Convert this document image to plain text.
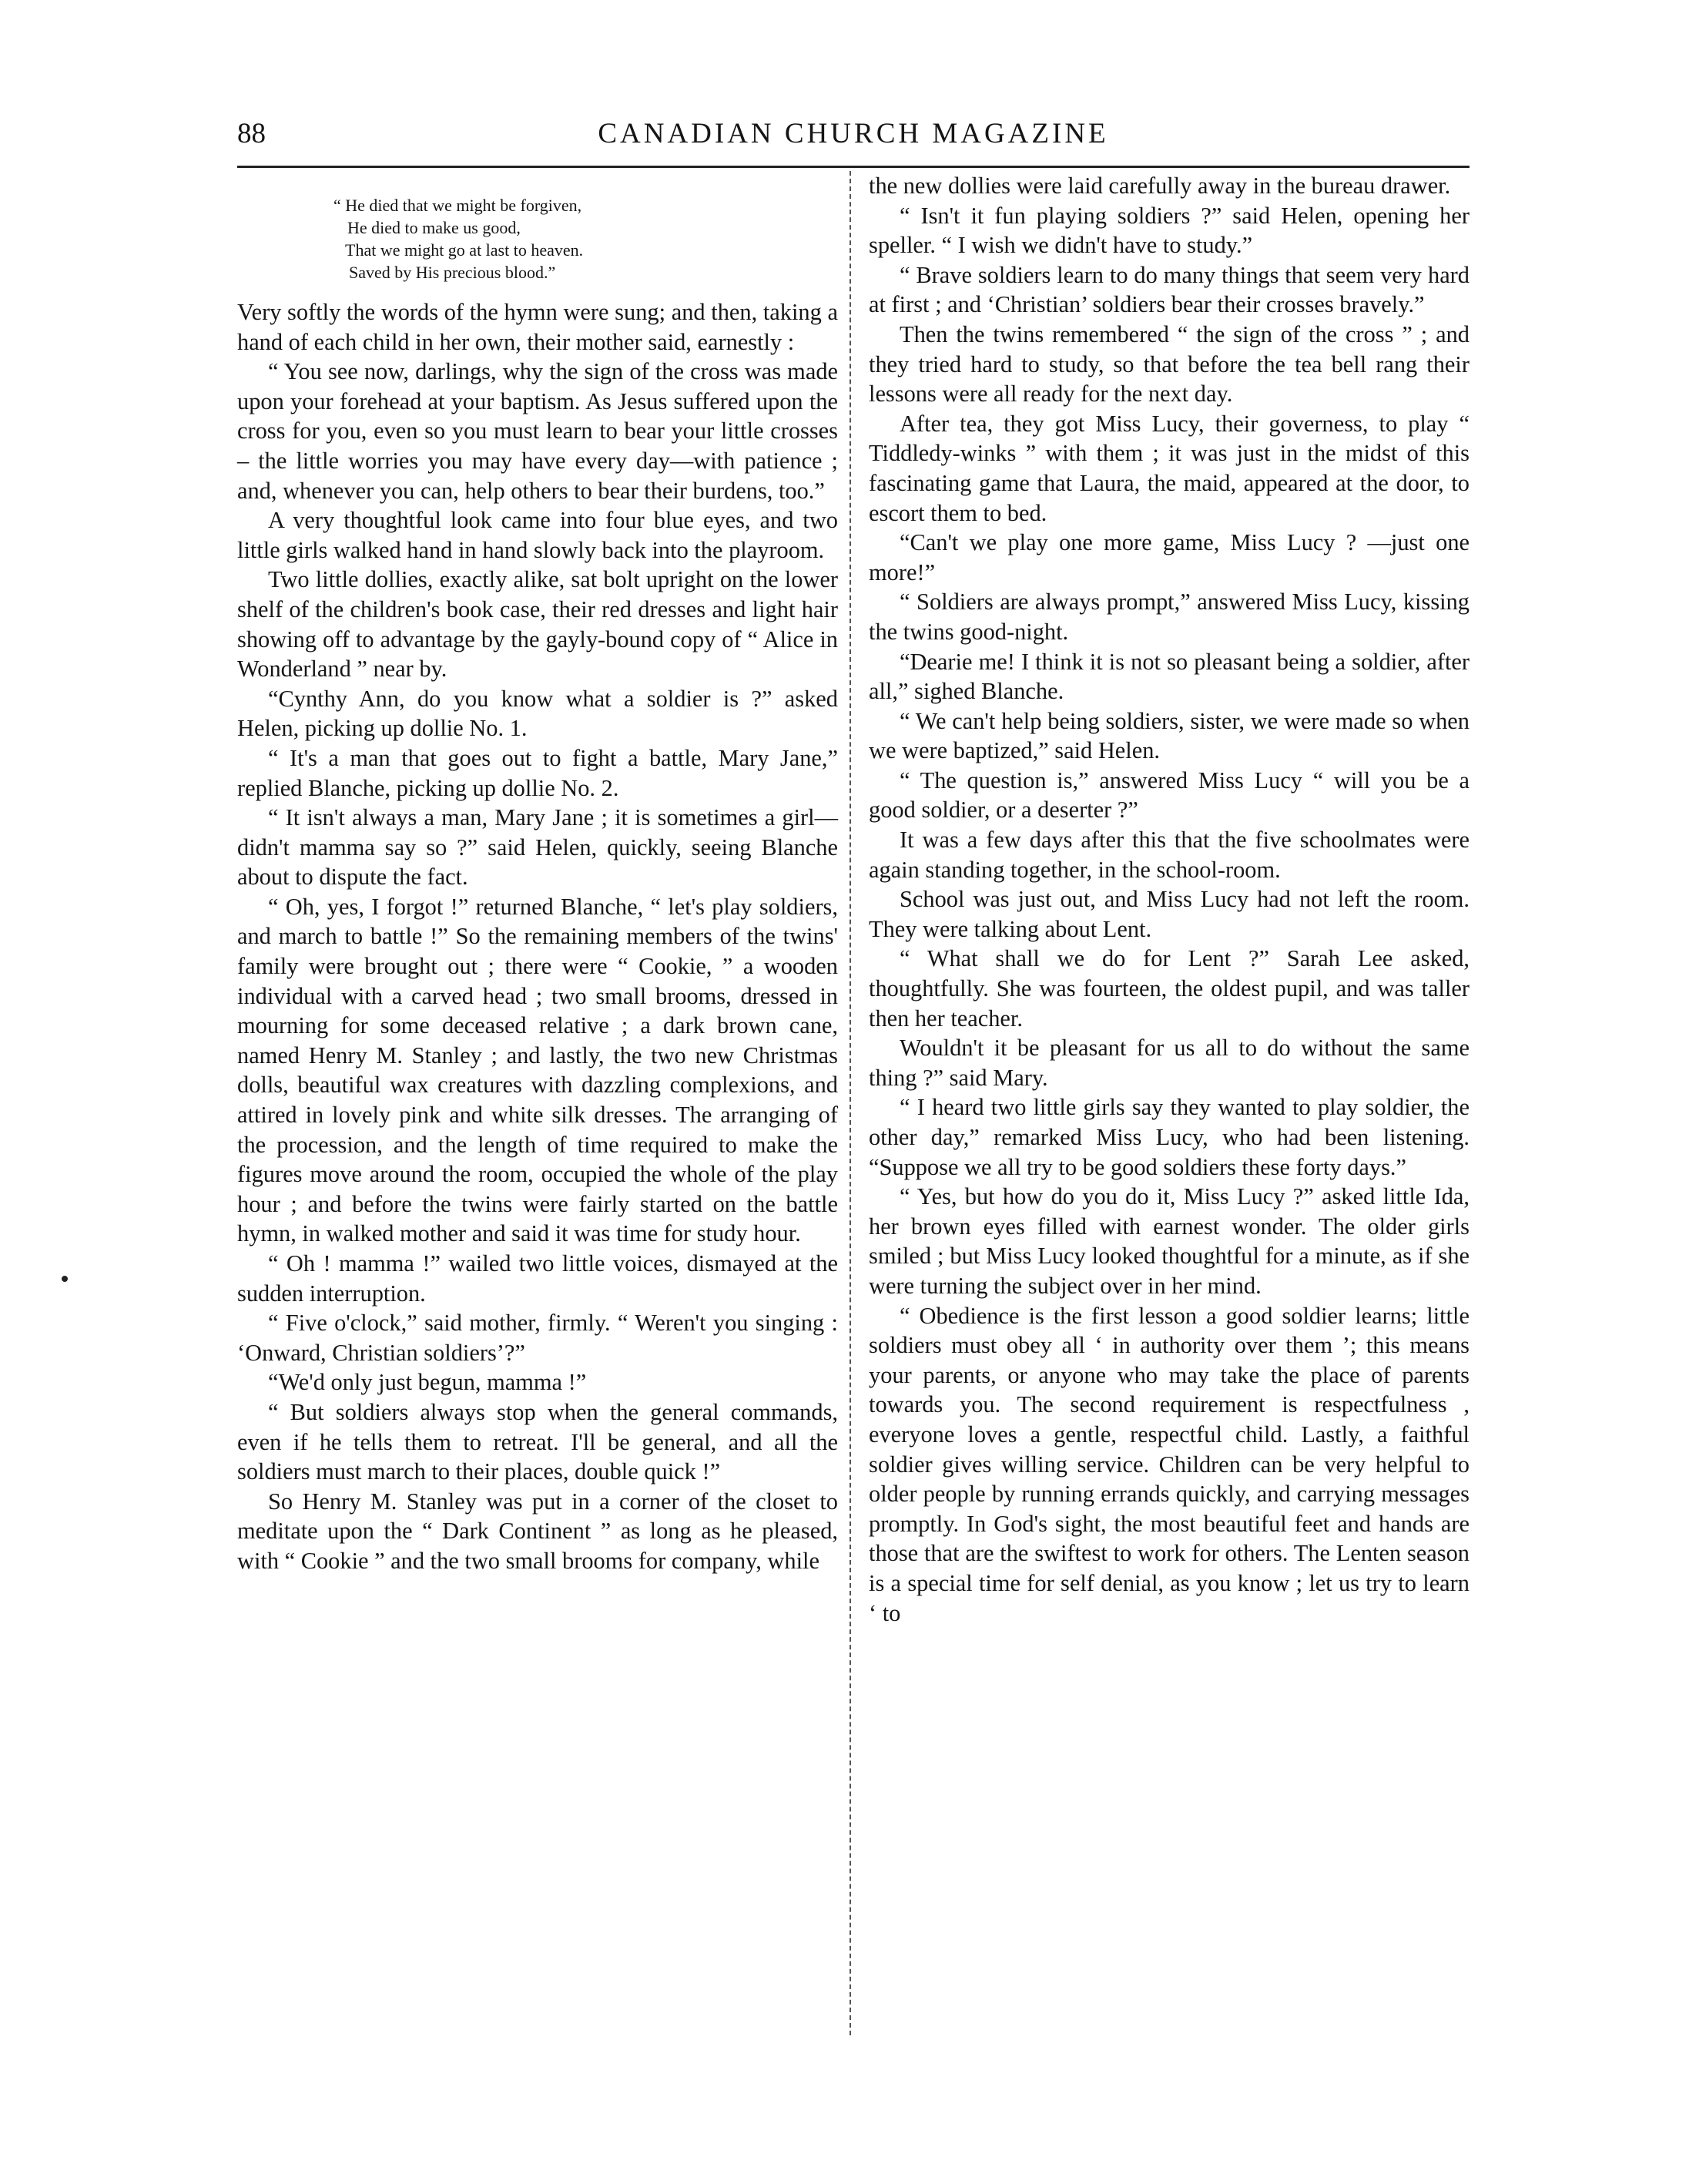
88	CANADIAN CHURCH MAGAZINE
“ He died that we might be forgiven,
He died to make us good,
That we might go at last to heaven.
Saved by His precious blood.”

Very softly the words of the hymn were sung; and then, taking a hand of each child in her own, their mother said, earnestly :

“ You see now, darlings, why the sign of the cross was made upon your forehead at your baptism. As Jesus suffered upon the cross for you, even so you must learn to bear your little crosses – the little worries you may have every day—with patience ; and, whenever you can, help others to bear their burdens, too.”

A very thoughtful look came into four blue eyes, and two little girls walked hand in hand slowly back into the playroom.

Two little dollies, exactly alike, sat bolt upright on the lower shelf of the children's book case, their red dresses and light hair showing off to advantage by the gayly-bound copy of “ Alice in Wonderland ” near by.

“Cynthy Ann, do you know what a soldier is ?” asked Helen, picking up dollie No. 1.

“ It's a man that goes out to fight a battle, Mary Jane,” replied Blanche, picking up dollie No. 2.

“ It isn't always a man, Mary Jane ; it is sometimes a girl—didn't mamma say so ?” said Helen, quickly, seeing Blanche about to dispute the fact.

“ Oh, yes, I forgot !” returned Blanche, “ let's play soldiers, and march to battle !” So the remaining members of the twins' family were brought out ; there were “ Cookie, ” a wooden individual with a carved head ; two small brooms, dressed in mourning for some deceased relative ; a dark brown cane, named Henry M. Stanley ; and lastly, the two new Christmas dolls, beautiful wax creatures with dazzling complexions, and attired in lovely pink and white silk dresses. The arranging of the procession, and the length of time required to make the figures move around the room, occupied the whole of the play hour ; and before the twins were fairly started on the battle hymn, in walked mother and said it was time for study hour.

“ Oh ! mamma !” wailed two little voices, dismayed at the sudden interruption.

“ Five o'clock,” said mother, firmly. “ Weren't you singing : ‘Onward, Christian soldiers’?”

“We'd only just begun, mamma !”

“ But soldiers always stop when the general commands, even if he tells them to retreat. I'll be general, and all the soldiers must march to their places, double quick !”

So Henry M. Stanley was put in a corner of the closet to meditate upon the “ Dark Continent ” as long as he pleased, with “ Cookie ” and the two small brooms for company, while

the new dollies were laid carefully away in the bureau drawer.

“ Isn't it fun playing soldiers ?” said Helen, opening her speller. “ I wish we didn't have to study.”

“ Brave soldiers learn to do many things that seem very hard at first ; and ‘Christian’ soldiers bear their crosses bravely.”

Then the twins remembered “ the sign of the cross ” ; and they tried hard to study, so that before the tea bell rang their lessons were all ready for the next day.

After tea, they got Miss Lucy, their governess, to play “ Tiddledy-winks ” with them ; it was just in the midst of this fascinating game that Laura, the maid, appeared at the door, to escort them to bed.

“Can't we play one more game, Miss Lucy ? —just one more!”

“ Soldiers are always prompt,” answered Miss Lucy, kissing the twins good-night.

“Dearie me! I think it is not so pleasant being a soldier, after all,” sighed Blanche.

“ We can't help being soldiers, sister, we were made so when we were baptized,” said Helen.

“ The question is,” answered Miss Lucy “ will you be a good soldier, or a deserter ?”

It was a few days after this that the five schoolmates were again standing together, in the school-room.

School was just out, and Miss Lucy had not left the room. They were talking about Lent.

“ What shall we do for Lent ?” Sarah Lee asked, thoughtfully. She was fourteen, the oldest pupil, and was taller then her teacher.

Wouldn't it be pleasant for us all to do without the same thing ?” said Mary.

“ I heard two little girls say they wanted to play soldier, the other day,” remarked Miss Lucy, who had been listening. “Suppose we all try to be good soldiers these forty days.”

“ Yes, but how do you do it, Miss Lucy ?” asked little Ida, her brown eyes filled with earnest wonder. The older girls smiled ; but Miss Lucy looked thoughtful for a minute, as if she were turning the subject over in her mind.

“ Obedience is the first lesson a good soldier learns; little soldiers must obey all ‘ in authority over them ’; this means your parents, or anyone who may take the place of parents towards you. The second requirement is respectfulness , everyone loves a gentle, respectful child. Lastly, a faithful soldier gives willing service. Children can be very helpful to older people by running errands quickly, and carrying messages promptly. In God's sight, the most beautiful feet and hands are those that are the swiftest to work for others. The Lenten season is a special time for self denial, as you know ; let us try to learn ‘ to
